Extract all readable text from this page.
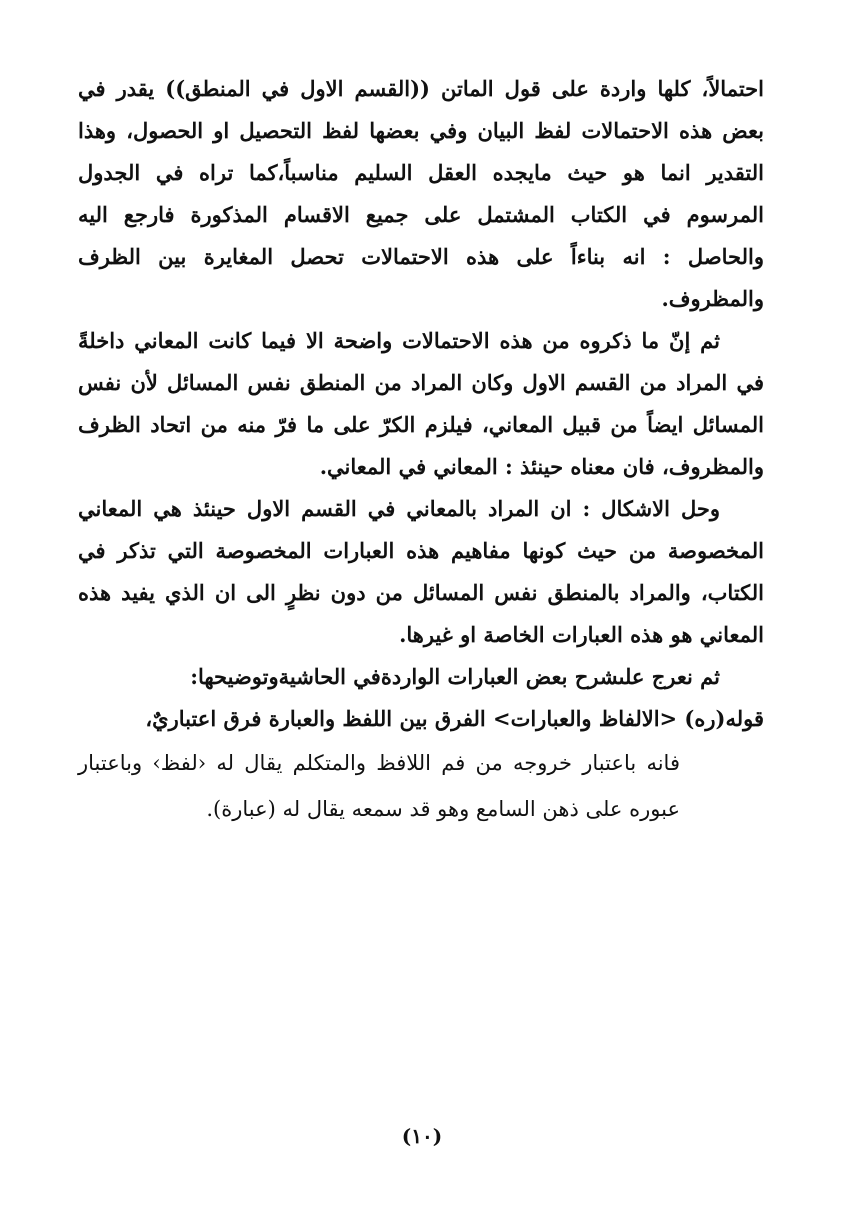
احتمالاً، كلها واردة على قول الماتن ((القسم الاول في المنطق)) يقدر في بعض هذه الاحتمالات لفظ البيان وفي بعضها لفظ التحصيل او الحصول، وهذا التقدير انما هو حيث مايجده العقل السليم مناسباً،كما تراه في الجدول المرسوم في الكتاب المشتمل على جميع الاقسام المذكورة فارجع اليه والحاصل : انه بناءاً على هذه الاحتمالات تحصل المغايرة بين الظرف والمظروف.

ثم إنّ ما ذكروه من هذه الاحتمالات واضحة الا فيما كانت المعاني داخلةً في المراد من القسم الاول وكان المراد من المنطق نفس المسائل لأن نفس المسائل ايضاً من قبيل المعاني، فيلزم الكرّ على ما فرّ منه من اتحاد الظرف والمظروف، فان معناه حينئذ : المعاني في المعاني.

وحل الاشكال : ان المراد بالمعاني في القسم الاول حينئذ هي المعاني المخصوصة من حيث كونها مفاهيم هذه العبارات المخصوصة التي تذكر في الكتاب، والمراد بالمنطق نفس المسائل من دون نظرٍ الى ان الذي يفيد هذه المعاني هو هذه العبارات الخاصة او غيرها.

ثم نعرج علىشرح بعض العبارات الواردةفي الحاشيةوتوضيحها:

قوله(ره) <الالفاظ والعبارات> الفرق بين اللفظ والعبارة فرق اعتباريٌ،

فانه باعتبار خروجه من فم اللافظ والمتكلم يقال له ‹لفظ› وباعتبار عبوره على ذهن السامع وهو قد سمعه يقال له (عبارة).

(١٠)
